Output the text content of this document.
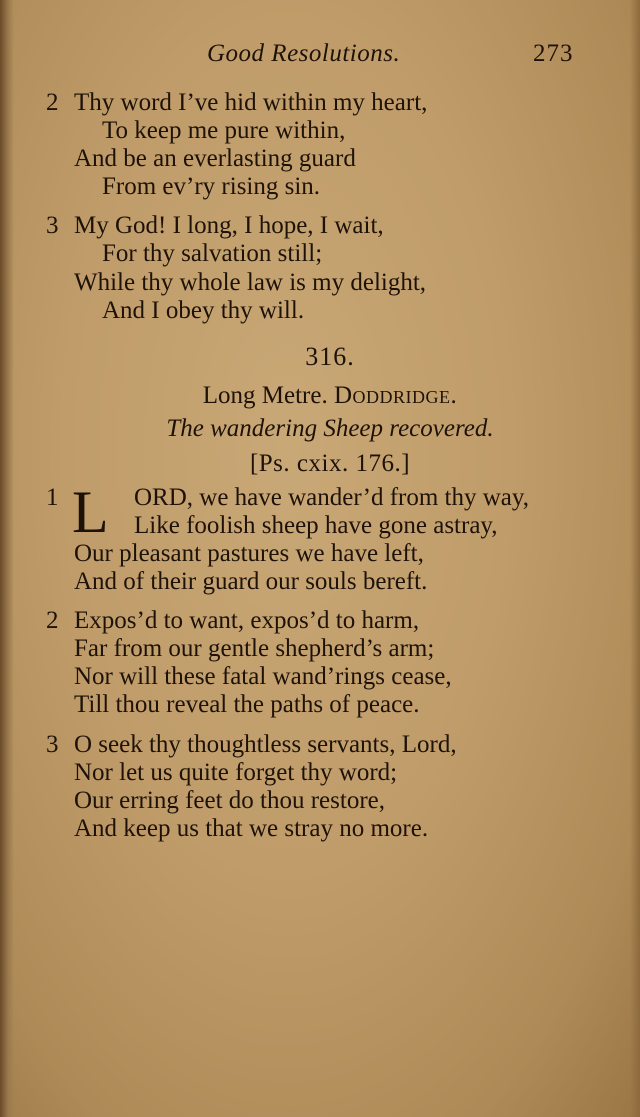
Good Resolutions.	273
2 Thy word I’ve hid within my heart,
To keep me pure within,
And be an everlasting guard
From ev’ry rising sin.
3 My God! I long, I hope, I wait,
For thy salvation still;
While thy whole law is my delight,
And I obey thy will.
316.
Long Metre. Doddridge.
The wandering Sheep recovered.
[Ps. cxix. 176.]
1 L ORD, we have wander’d from thy way,
Like foolish sheep have gone astray,
Our pleasant pastures we have left,
And of their guard our souls bereft.
2 Expos’d to want, expos’d to harm,
Far from our gentle shepherd’s arm;
Nor will these fatal wand’rings cease,
Till thou reveal the paths of peace.
3 O seek thy thoughtless servants, Lord,
Nor let us quite forget thy word;
Our erring feet do thou restore,
And keep us that we stray no more.
